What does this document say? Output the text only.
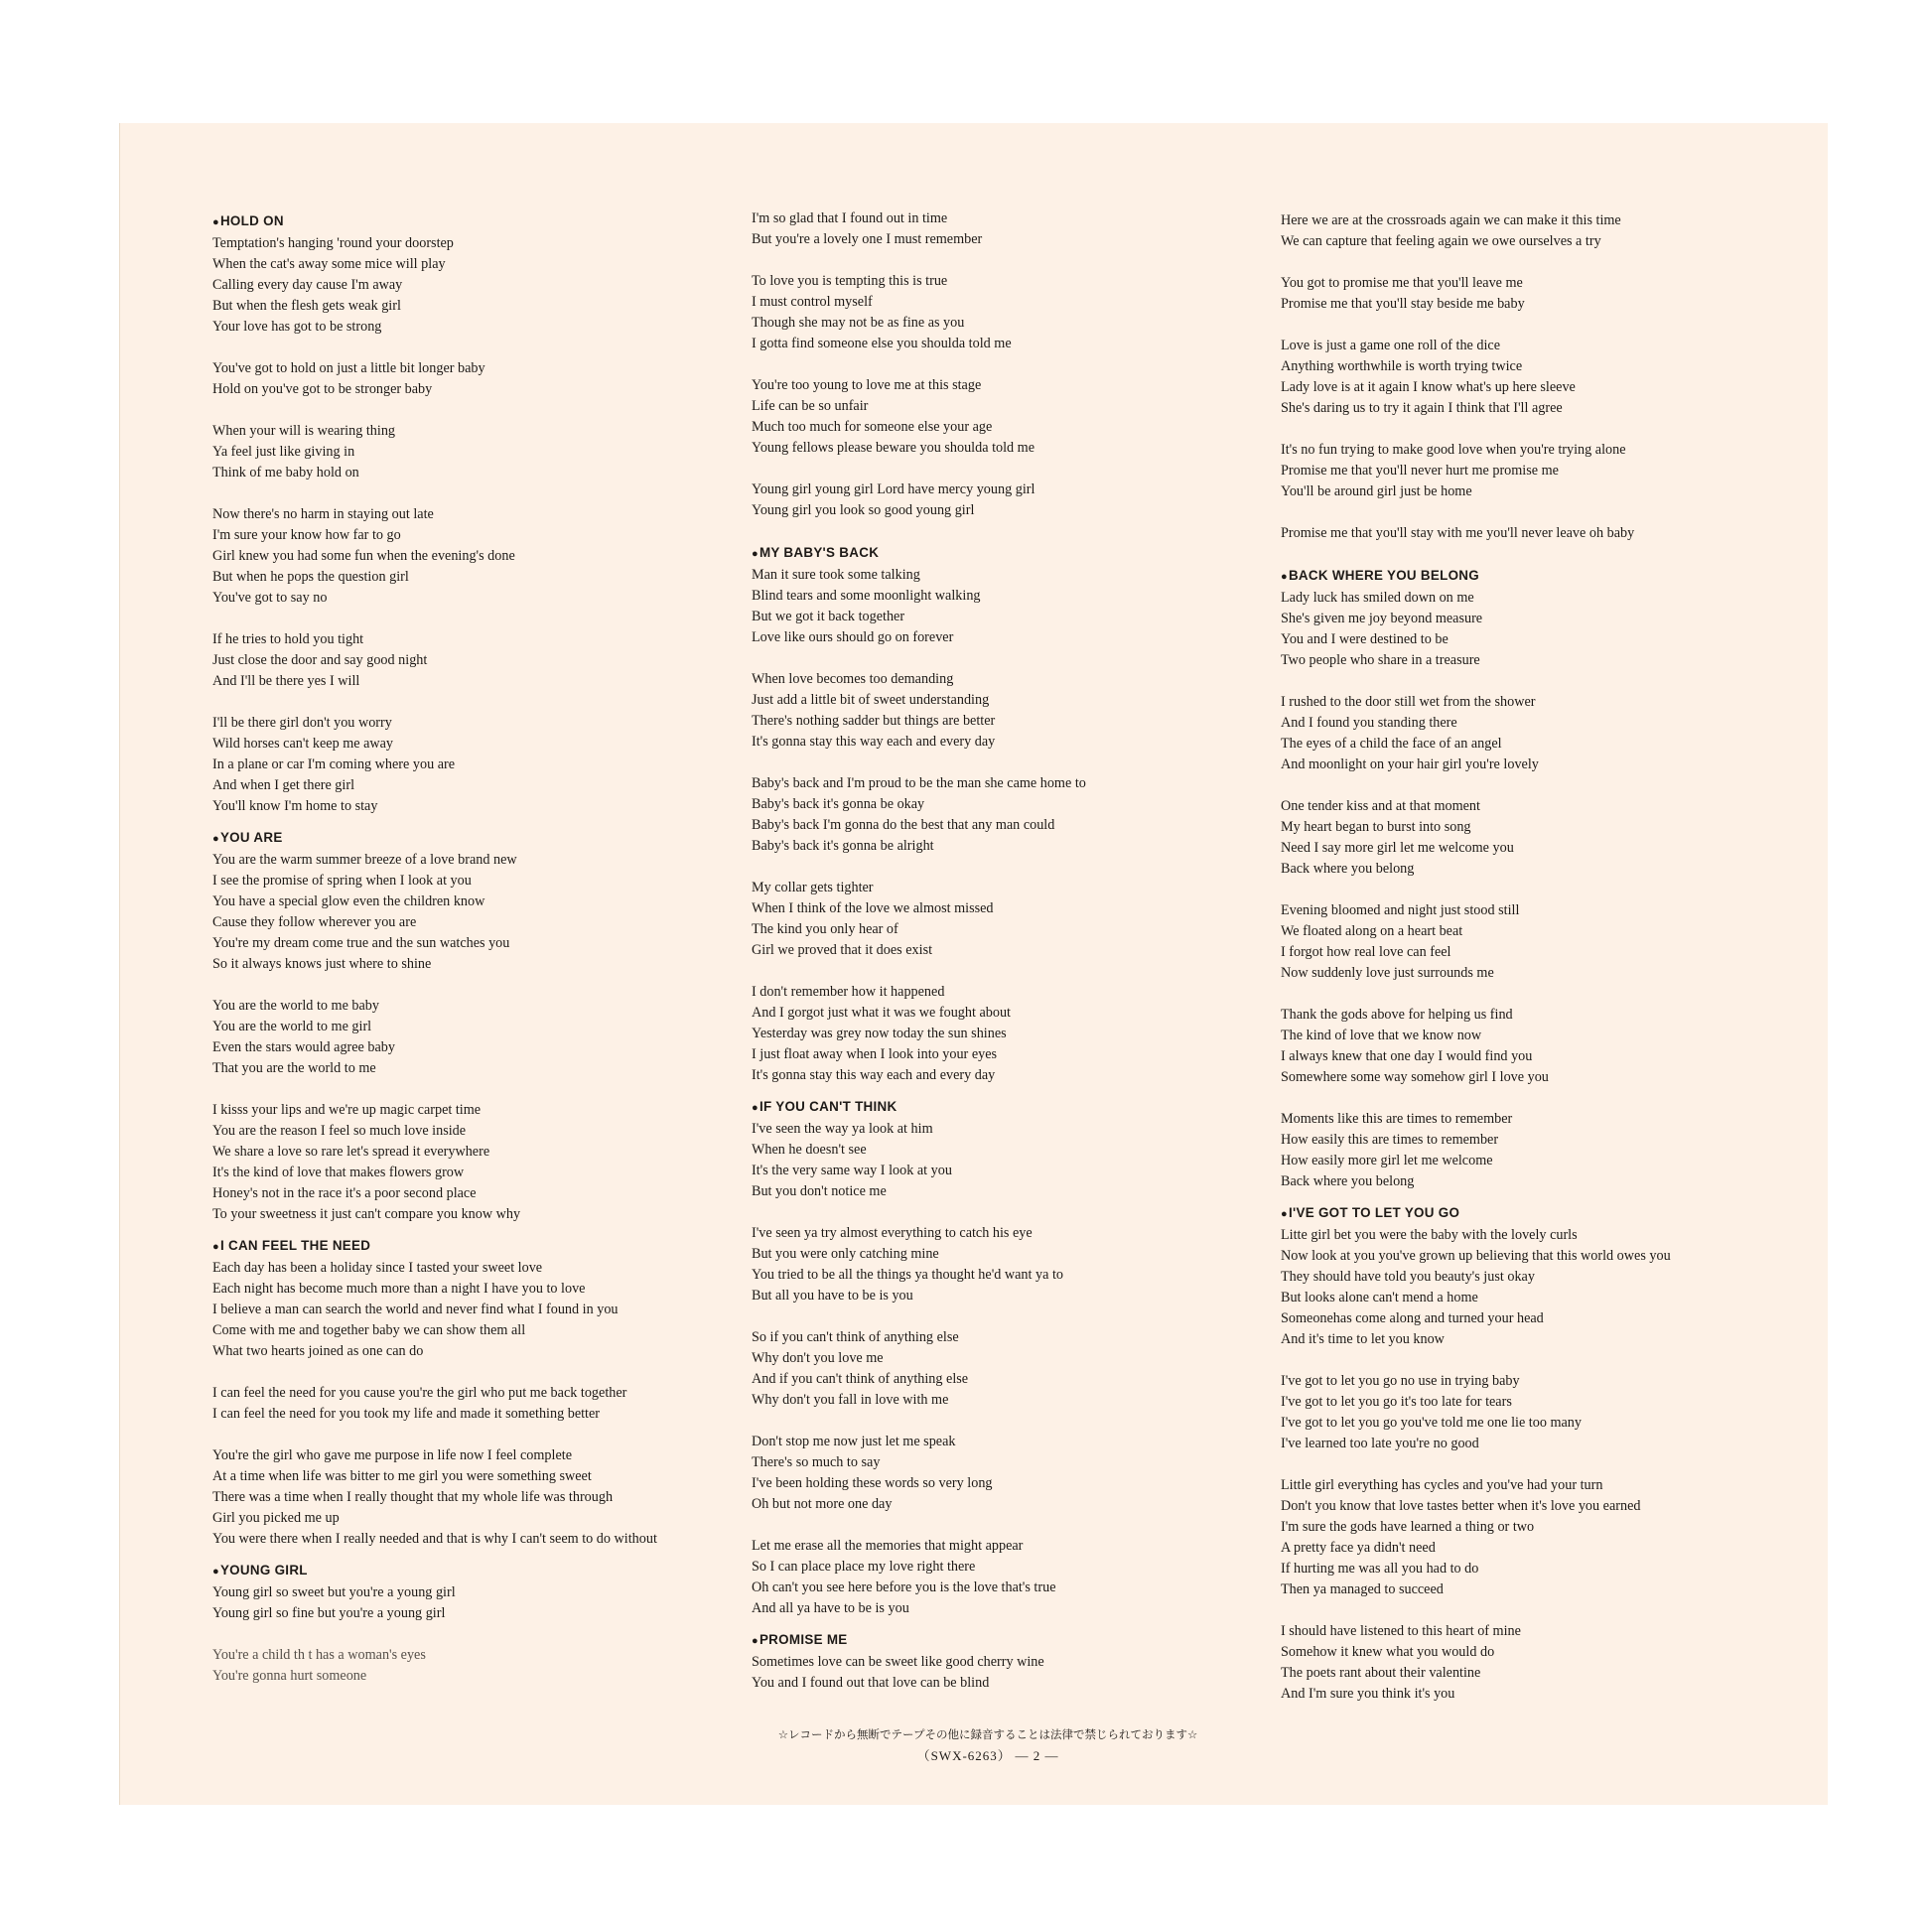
● HOLD ON
Temptation's hanging 'round your doorstep
When the cat's away some mice will play
Calling every day cause I'm away
But when the flesh gets weak girl
Your love has got to be strong
You've got to hold on just a little bit longer baby
Hold on you've got to be stronger baby
When your will is wearing thing
Ya feel just like giving in
Think of me baby hold on
Now there's no harm in staying out late
I'm sure your know how far to go
Girl knew you had some fun when the evening's done
But when he pops the question girl
You've got to say no
If he tries to hold you tight
Just close the door and say good night
And I'll be there yes I will
I'll be there girl don't you worry
Wild horses can't keep me away
In a plane or car I'm coming where you are
And when I get there girl
You'll know I'm home to stay
● YOU ARE
You are the warm summer breeze of a love brand new
I see the promise of spring when I look at you
You have a special glow even the children know
Cause they follow wherever you are
You're my dream come true and the sun watches you
So it always knows just where to shine
You are the world to me baby
You are the world to me girl
Even the stars would agree baby
That you are the world to me
I kisss your lips and we're up magic carpet time
You are the reason I feel so much love inside
We share a love so rare let's spread it everywhere
It's the kind of love that makes flowers grow
Honey's not in the race it's a poor second place
To your sweetness it just can't compare you know why
● I CAN FEEL THE NEED
Each day has been a holiday since I tasted your sweet love
Each night has become much more than a night I have you to love
I believe a man can search the world and never find what I found in you
Come with me and together baby we can show them all
What two hearts joined as one can do
I can feel the need for you cause you're the girl who put me back together
I can feel the need for you took my life and made it something better
You're the girl who gave me purpose in life now I feel complete
At a time when life was bitter to me girl you were something sweet
There was a time when I really thought that my whole life was through
Girl you picked me up
You were there when I really needed and that is why I can't seem to do without
● YOUNG GIRL
Young girl so sweet but you're a young girl
Young girl so fine but you're a young girl
You're a child th t has a woman's eyes
You're gonna hurt someone
I'm so glad that I found out in time
But you're a lovely one I must remember
To love you is tempting this is true
I must control myself
Though she may not be as fine as you
I gotta find someone else you shoulda told me
You're too young to love me at this stage
Life can be so unfair
Much too much for someone else your age
Young fellows please beware you shoulda told me
Young girl young girl Lord have mercy young girl
Young girl you look so good young girl
● MY BABY'S BACK
Man it sure took some talking
Blind tears and some moonlight walking
But we got it back together
Love like ours should go on forever
When love becomes too demanding
Just add a little bit of sweet understanding
There's nothing sadder but things are better
It's gonna stay this way each and every day
Baby's back and I'm proud to be the man she came home to
Baby's back it's gonna be okay
Baby's back I'm gonna do the best that any man could
Baby's back it's gonna be alright
My collar gets tighter
When I think of the love we almost missed
The kind you only hear of
Girl we proved that it does exist
I don't remember how it happened
And I gorgot just what it was we fought about
Yesterday was grey now today the sun shines
I just float away when I look into your eyes
It's gonna stay this way each and every day
● IF YOU CAN'T THINK
I've seen the way ya look at him
When he doesn't see
It's the very same way I look at you
But you don't notice me
I've seen ya try almost everything to catch his eye
But you were only catching mine
You tried to be all the things ya thought he'd want ya to
But all you have to be is you
So if you can't think of anything else
Why don't you love me
And if you can't think of anything else
Why don't you fall in love with me
Don't stop me now just let me speak
There's so much to say
I've been holding these words so very long
Oh but not more one day
Let me erase all the memories that might appear
So I can place place my love right there
Oh can't you see here before you is the love that's true
And all ya have to be is you
● PROMISE ME
Sometimes love can be sweet like good cherry wine
You and I found out that love can be blind
Here we are at the crossroads again we can make it this time
We can capture that feeling again we owe ourselves a try
You got to promise me that you'll leave me
Promise me that you'll stay beside me baby
Love is just a game one roll of the dice
Anything worthwhile is worth trying twice
Lady love is at it again I know what's up here sleeve
She's daring us to try it again I think that I'll agree
It's no fun trying to make good love when you're trying alone
Promise me that you'll never hurt me promise me
You'll be around girl just be home
Promise me that you'll stay with me you'll never leave oh baby
● BACK WHERE YOU BELONG
Lady luck has smiled down on me
She's given me joy beyond measure
You and I were destined to be
Two people who share in a treasure
I rushed to the door still wet from the shower
And I found you standing there
The eyes of a child the face of an angel
And moonlight on your hair girl you're lovely
One tender kiss and at that moment
My heart began to burst into song
Need I say more girl let me welcome you
Back where you belong
Evening bloomed and night just stood still
We floated along on a heart beat
I forgot how real love can feel
Now suddenly love just surrounds me
Thank the gods above for helping us find
The kind of love that we know now
I always knew that one day I would find you
Somewhere some way somehow girl I love you
Moments like this are times to remember
How easily this are times to remember
How easily more girl let me welcome
Back where you belong
● I'VE GOT TO LET YOU GO
Litte girl bet you were the baby with the lovely curls
Now look at you you've grown up believing that this world owes you
They should have told you beauty's just okay
But looks alone can't mend a home
Someonehas come along and turned your head
And it's time to let you know
I've got to let you go no use in trying baby
I've got to let you go it's too late for tears
I've got to let you go you've told me one lie too many
I've learned too late you're no good
Little girl everything has cycles and you've had your turn
Don't you know that love tastes better when it's love you earned
I'm sure the gods have learned a thing or two
A pretty face ya didn't need
If hurting me was all you had to do
Then ya managed to succeed
I should have listened to this heart of mine
Somehow it knew what you would do
The poets rant about their valentine
And I'm sure you think it's you
☆レコードから無断でテープその他に録音することは法律で禁じられております☆
（SWX-6263） — 2 —
